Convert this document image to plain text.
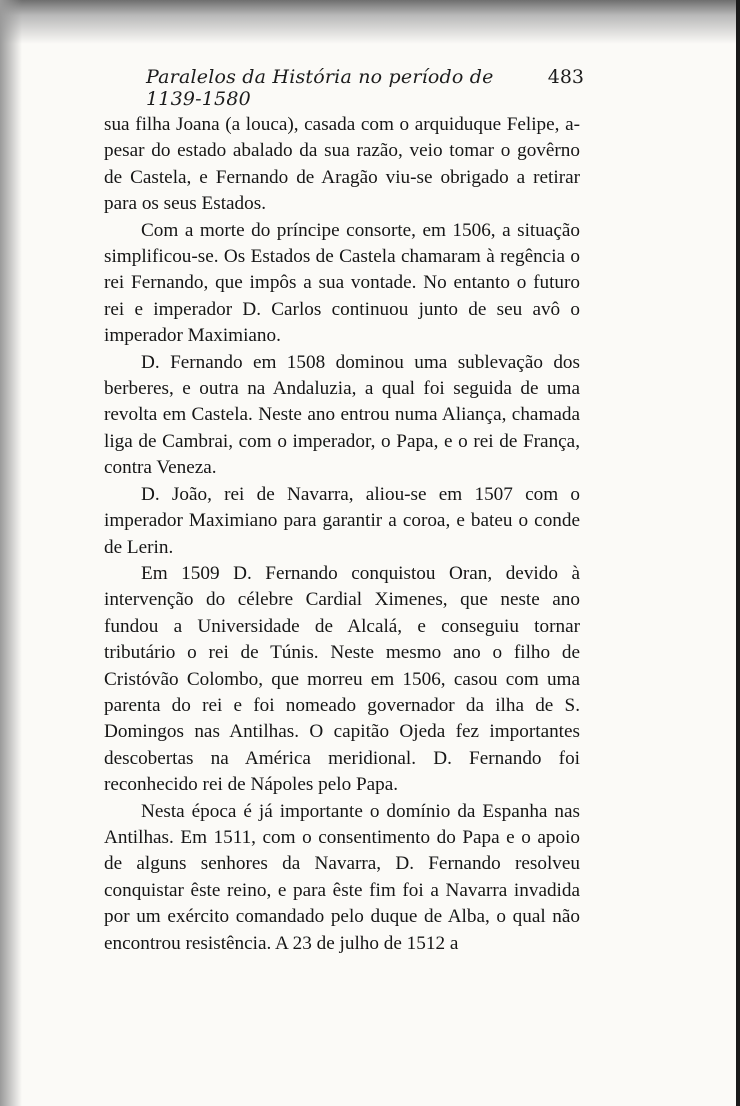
Paralelos da História no período de 1139-1580
483

sua filha Joana (a louca), casada com o arquiduque Felipe, a-pesar do estado abalado da sua razão, veio tomar o govêrno de Castela, e Fernando de Aragão viu-se obrigado a retirar para os seus Estados.

Com a morte do príncipe consorte, em 1506, a situação simplificou-se. Os Estados de Castela chamaram à regência o rei Fernando, que impôs a sua vontade. No entanto o futuro rei e imperador D. Carlos continuou junto de seu avô o imperador Maximiano.

D. Fernando em 1508 dominou uma sublevação dos berberes, e outra na Andaluzia, a qual foi seguida de uma revolta em Castela. Neste ano entrou numa Aliança, chamada liga de Cambrai, com o imperador, o Papa, e o rei de França, contra Veneza.

D. João, rei de Navarra, aliou-se em 1507 com o imperador Maximiano para garantir a coroa, e bateu o conde de Lerin.

Em 1509 D. Fernando conquistou Oran, devido à intervenção do célebre Cardial Ximenes, que neste ano fundou a Universidade de Alcalá, e conseguiu tornar tributário o rei de Túnis. Neste mesmo ano o filho de Cristóvão Colombo, que morreu em 1506, casou com uma parenta do rei e foi nomeado governador da ilha de S. Domingos nas Antilhas. O capitão Ojeda fez importantes descobertas na América meridional. D. Fernando foi reconhecido rei de Nápoles pelo Papa.

Nesta época é já importante o domínio da Espanha nas Antilhas. Em 1511, com o consentimento do Papa e o apoio de alguns senhores da Navarra, D. Fernando resolveu conquistar êste reino, e para êste fim foi a Navarra invadida por um exército comandado pelo duque de Alba, o qual não encontrou resistência. A 23 de julho de 1512 a
